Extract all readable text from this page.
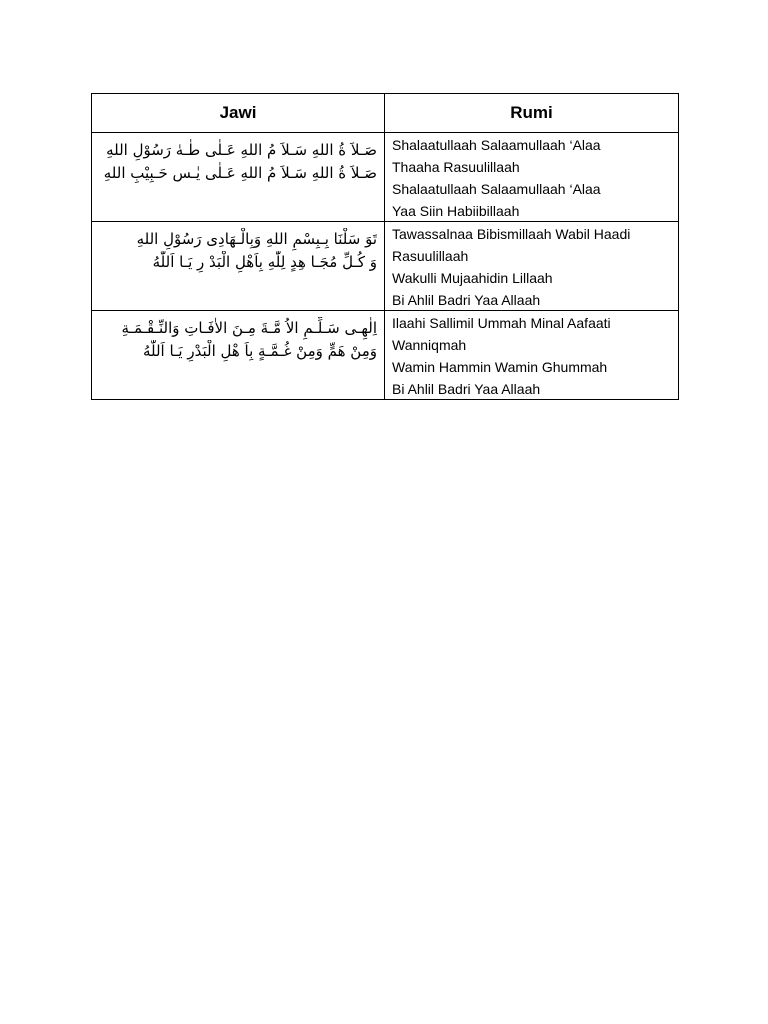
Jawi	Rumi

صَـلاَ ةُ اللهِ سَـلاَ مُ اللهِ عَـلٰى طٰـهٰ رَسُوْلِ اللهِ
صَـلاَ ةُ اللهِ سَـلاَ مُ اللهِ عَـلٰى يٰـس حَـبِيْبِ اللهِ	Shalaatullaah Salaamullaah ‘Alaa
Thaaha Rasuulillaah
Shalaatullaah Salaamullaah ‘Alaa
Yaa Siin Habiibillaah

تَوَ سَلْنَا بِـبِسْمِ اللهِ وَبِالْـهَادِى رَسُوْلِ اللهِ
وَ كُـلِّ مُجَـا هِدٍ لِلّٰهِ بِاَهْلِ الْبَدْ رِ يَـا اَللّٰهُ	Tawassalnaa Bibismillaah Wabil Haadi
Rasuulillaah
Wakulli Mujaahidin Lillaah
Bi Ahlil Badri Yaa Allaah

اِلٰهِـى سَـلِّـمِ الاُ مَّـةَ مِـنَ الاٰفَـاتِ وَالنِّـقْـمَـةِ
وَمِنْ هَمٍّ وَمِنْ غُـمَّـةٍ بِاَ هْلِ الْبَدْرِ يَـا اَللّٰهُ	Ilaahi Sallimil Ummah Minal Aafaati
Wanniqmah
Wamin Hammin Wamin Ghummah
Bi Ahlil Badri Yaa Allaah
